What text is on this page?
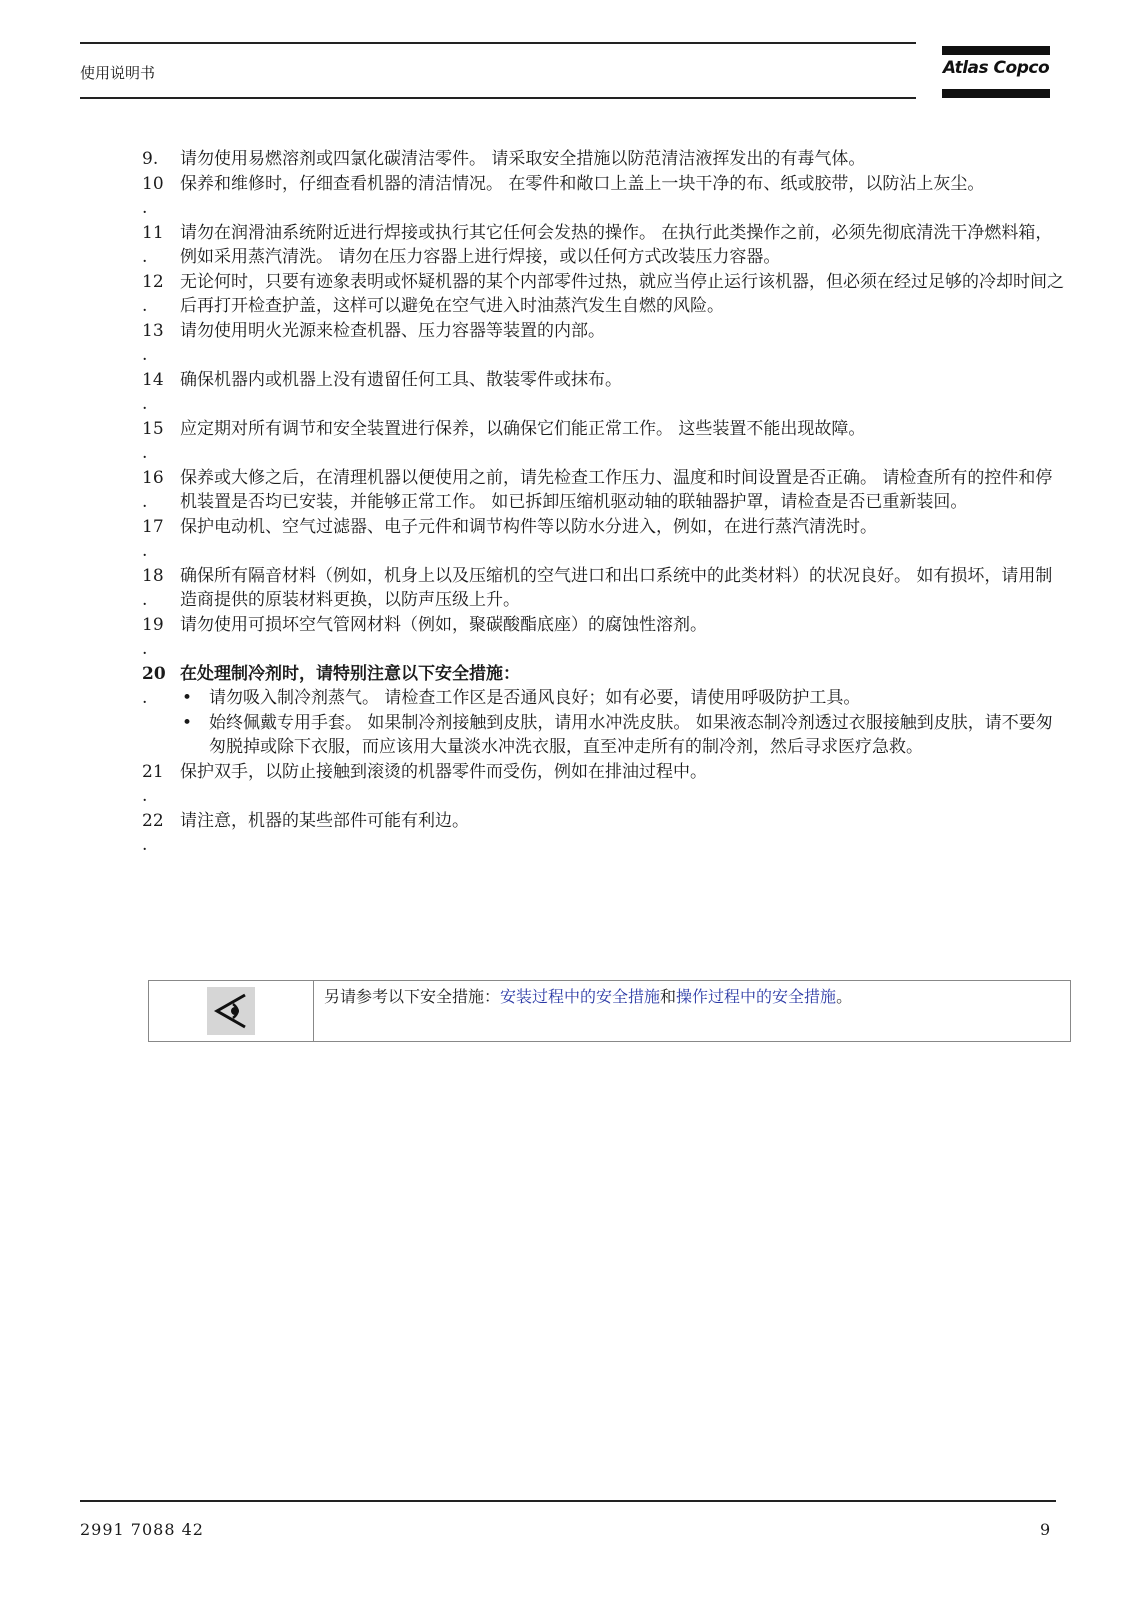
使用说明书	Atlas Copco
9.	请勿使用易燃溶剂或四氯化碳清洁零件。 请采取安全措施以防范清洁液挥发出的有毒气体。
10
.
保养和维修时，仔细查看机器的清洁情况。 在零件和敞口上盖上一块干净的布、纸或胶带，以防沾上灰尘。
11
.
请勿在润滑油系统附近进行焊接或执行其它任何会发热的操作。 在执行此类操作之前，必须先彻底清洗干净燃料箱，例如采用蒸汽清洗。 请勿在压力容器上进行焊接，或以任何方式改装压力容器。
12
.
无论何时，只要有迹象表明或怀疑机器的某个内部零件过热，就应当停止运行该机器，但必须在经过足够的冷却时间之后再打开检查护盖，这样可以避免在空气进入时油蒸汽发生自燃的风险。
13
.
请勿使用明火光源来检查机器、压力容器等装置的内部。
14
.
确保机器内或机器上没有遗留任何工具、散装零件或抹布。
15
.
应定期对所有调节和安全装置进行保养，以确保它们能正常工作。 这些装置不能出现故障。
16
.
保养或大修之后，在清理机器以便使用之前，请先检查工作压力、温度和时间设置是否正确。 请检查所有的控件和停机装置是否均已安装，并能够正常工作。 如已拆卸压缩机驱动轴的联轴器护罩，请检查是否已重新装回。
17
.
保护电动机、空气过滤器、电子元件和调节构件等以防水分进入，例如，在进行蒸汽清洗时。
18
.
确保所有隔音材料（例如，机身上以及压缩机的空气进口和出口系统中的此类材料）的状况良好。 如有损坏，请用制造商提供的原装材料更换，以防声压级上升。
19
.
请勿使用可损坏空气管网材料（例如，聚碳酸酯底座）的腐蚀性溶剂。
20
.
在处理制冷剂时，请特别注意以下安全措施：
• 请勿吸入制冷剂蒸气。 请检查工作区是否通风良好；如有必要，请使用呼吸防护工具。
• 始终佩戴专用手套。 如果制冷剂接触到皮肤，请用水冲洗皮肤。 如果液态制冷剂透过衣服接触到皮肤，请不要匆匆脱掉或除下衣服，而应该用大量淡水冲洗衣服，直至冲走所有的制冷剂，然后寻求医疗急救。
21
.
保护双手，以防止接触到滚烫的机器零件而受伤，例如在排油过程中。
22
.
请注意，机器的某些部件可能有利边。
另请参考以下安全措施：安装过程中的安全措施和操作过程中的安全措施。
2991 7088 42	9
